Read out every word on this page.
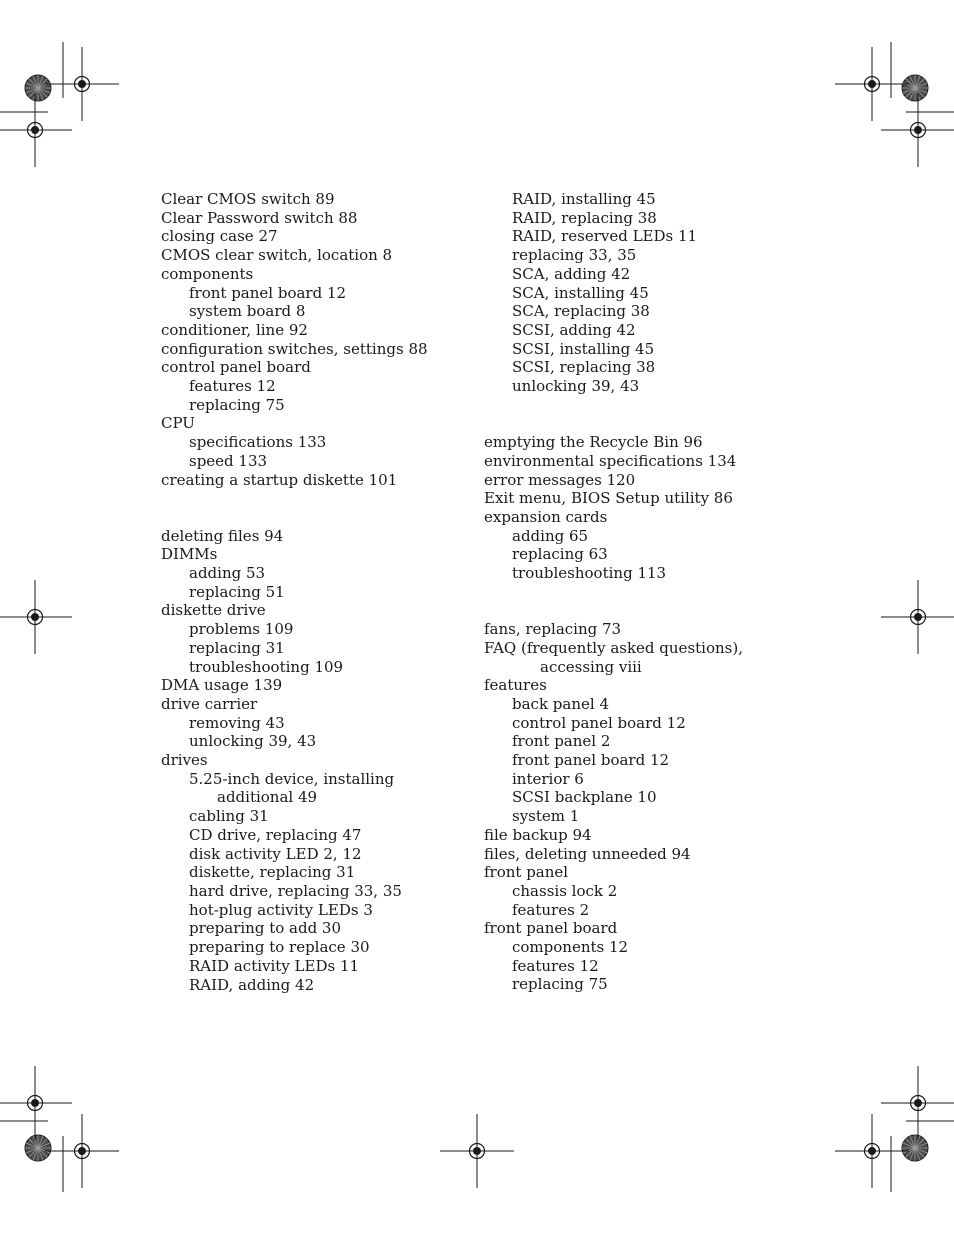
Clear CMOS switch 89
Clear Password switch 88
closing case 27
CMOS clear switch, location 8
components
front panel board 12
system board 8
conditioner, line 92
configuration switches, settings 88
control panel board
features 12
replacing 75
CPU
specifications 133
speed 133
creating a startup diskette 101
deleting files 94
DIMMs
adding 53
replacing 51
diskette drive
problems 109
replacing 31
troubleshooting 109
DMA usage 139
drive carrier
removing 43
unlocking 39, 43
drives
5.25-inch device, installing
additional 49
cabling 31
CD drive, replacing 47
disk activity LED 2, 12
diskette, replacing 31
hard drive, replacing 33, 35
hot-plug activity LEDs 3
preparing to add 30
preparing to replace 30
RAID activity LEDs 11
RAID, adding 42
RAID, installing 45
RAID, replacing 38
RAID, reserved LEDs 11
replacing 33, 35
SCA, adding 42
SCA, installing 45
SCA, replacing 38
SCSI, adding 42
SCSI, installing 45
SCSI, replacing 38
unlocking 39, 43
emptying the Recycle Bin 96
environmental specifications 134
error messages 120
Exit menu, BIOS Setup utility 86
expansion cards
adding 65
replacing 63
troubleshooting 113
fans, replacing 73
FAQ (frequently asked questions),
accessing viii
features
back panel 4
control panel board 12
front panel 2
front panel board 12
interior 6
SCSI backplane 10
system 1
file backup 94
files, deleting unneeded 94
front panel
chassis lock 2
features 2
front panel board
components 12
features 12
replacing 75
